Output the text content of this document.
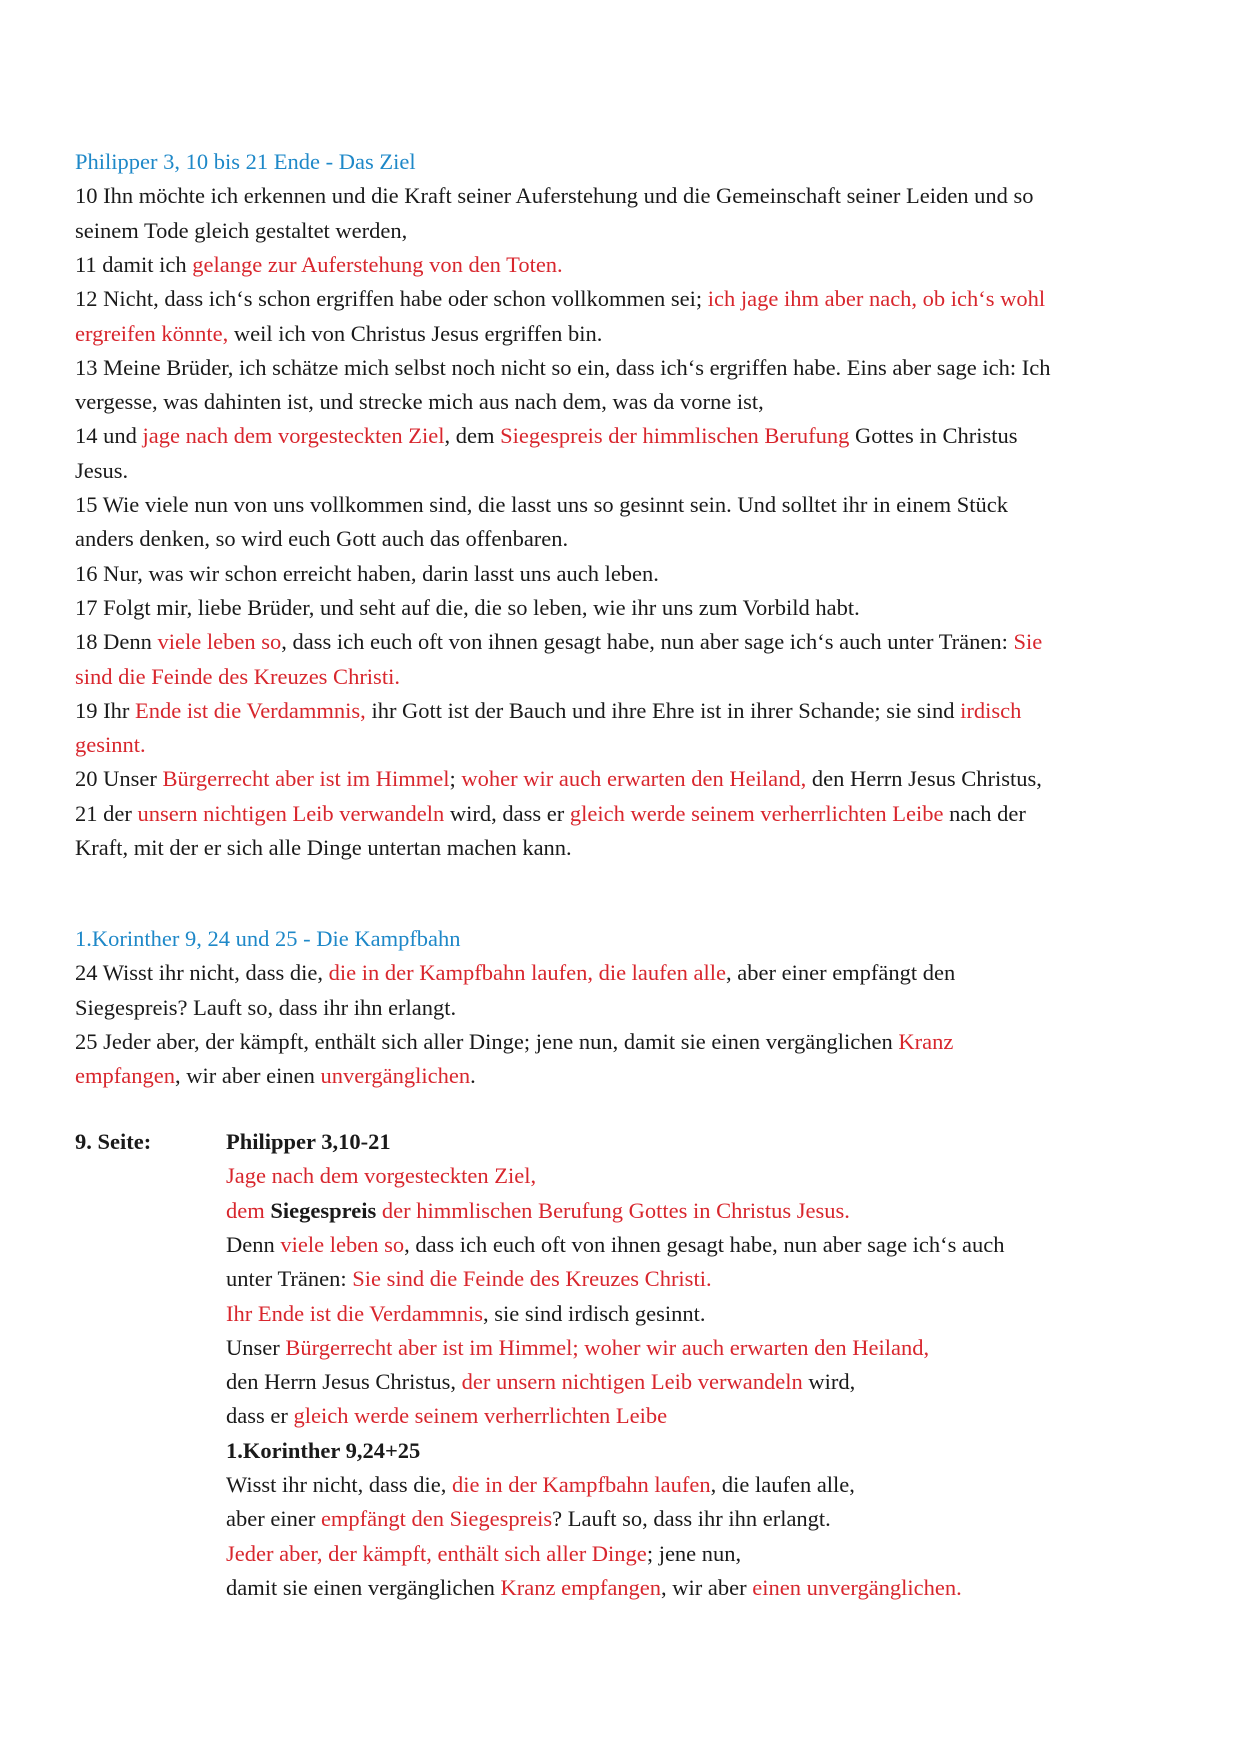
9. Seite:
Philipper 3, 10 bis 21 Ende - Das Ziel
10 Ihn möchte ich erkennen und die Kraft seiner Auferstehung und die Gemeinschaft seiner Leiden und so
seinem Tode gleich gestaltet werden,
11 damit ich gelange zur Auferstehung von den Toten.
12 Nicht, dass ich‘s schon ergriffen habe oder schon vollkommen sei; ich jage ihm aber nach, ob ich‘s wohl
ergreifen könnte, weil ich von Christus Jesus ergriffen bin.
13 Meine Brüder, ich schätze mich selbst noch nicht so ein, dass ich‘s ergriffen habe. Eins aber sage ich: Ich
vergesse, was dahinten ist, und strecke mich aus nach dem, was da vorne ist,
14 und jage nach dem vorgesteckten Ziel, dem Siegespreis der himmlischen Berufung Gottes in Christus
Jesus.
15 Wie viele nun von uns vollkommen sind, die lasst uns so gesinnt sein. Und solltet ihr in einem Stück
anders denken, so wird euch Gott auch das offenbaren.
16 Nur, was wir schon erreicht haben, darin lasst uns auch leben.
17 Folgt mir, liebe Brüder, und seht auf die, die so leben, wie ihr uns zum Vorbild habt.
18 Denn viele leben so, dass ich euch oft von ihnen gesagt habe, nun aber sage ich‘s auch unter Tränen: Sie
sind die Feinde des Kreuzes Christi.
19 Ihr Ende ist die Verdammnis, ihr Gott ist der Bauch und ihre Ehre ist in ihrer Schande; sie sind irdisch
gesinnt.
20 Unser Bürgerrecht aber ist im Himmel; woher wir auch erwarten den Heiland, den Herrn Jesus Christus,
21 der unsern nichtigen Leib verwandeln wird, dass er gleich werde seinem verherrlichten Leibe nach der
Kraft, mit der er sich alle Dinge untertan machen kann.
1.Korinther 9, 24 und 25 - Die Kampfbahn
24 Wisst ihr nicht, dass die, die in der Kampfbahn laufen, die laufen alle, aber einer empfängt den
Siegespreis? Lauft so, dass ihr ihn erlangt.
25 Jeder aber, der kämpft, enthält sich aller Dinge; jene nun, damit sie einen vergänglichen Kranz
empfangen, wir aber einen unvergänglichen.
Philipper 3,10-21
Jage nach dem vorgesteckten Ziel,
dem Siegespreis der himmlischen Berufung Gottes in Christus Jesus.
Denn viele leben so, dass ich euch oft von ihnen gesagt habe, nun aber sage ich‘s auch
unter Tränen: Sie sind die Feinde des Kreuzes Christi.
Ihr Ende ist die Verdammnis, sie sind irdisch gesinnt.
Unser Bürgerrecht aber ist im Himmel; woher wir auch erwarten den Heiland,
den Herrn Jesus Christus, der unsern nichtigen Leib verwandeln wird,
dass er gleich werde seinem verherrlichten Leibe
1.Korinther 9,24+25
Wisst ihr nicht, dass die, die in der Kampfbahn laufen, die laufen alle,
aber einer empfängt den Siegespreis? Lauft so, dass ihr ihn erlangt.
Jeder aber, der kämpft, enthält sich aller Dinge; jene nun,
damit sie einen vergänglichen Kranz empfangen, wir aber einen unvergänglichen.
